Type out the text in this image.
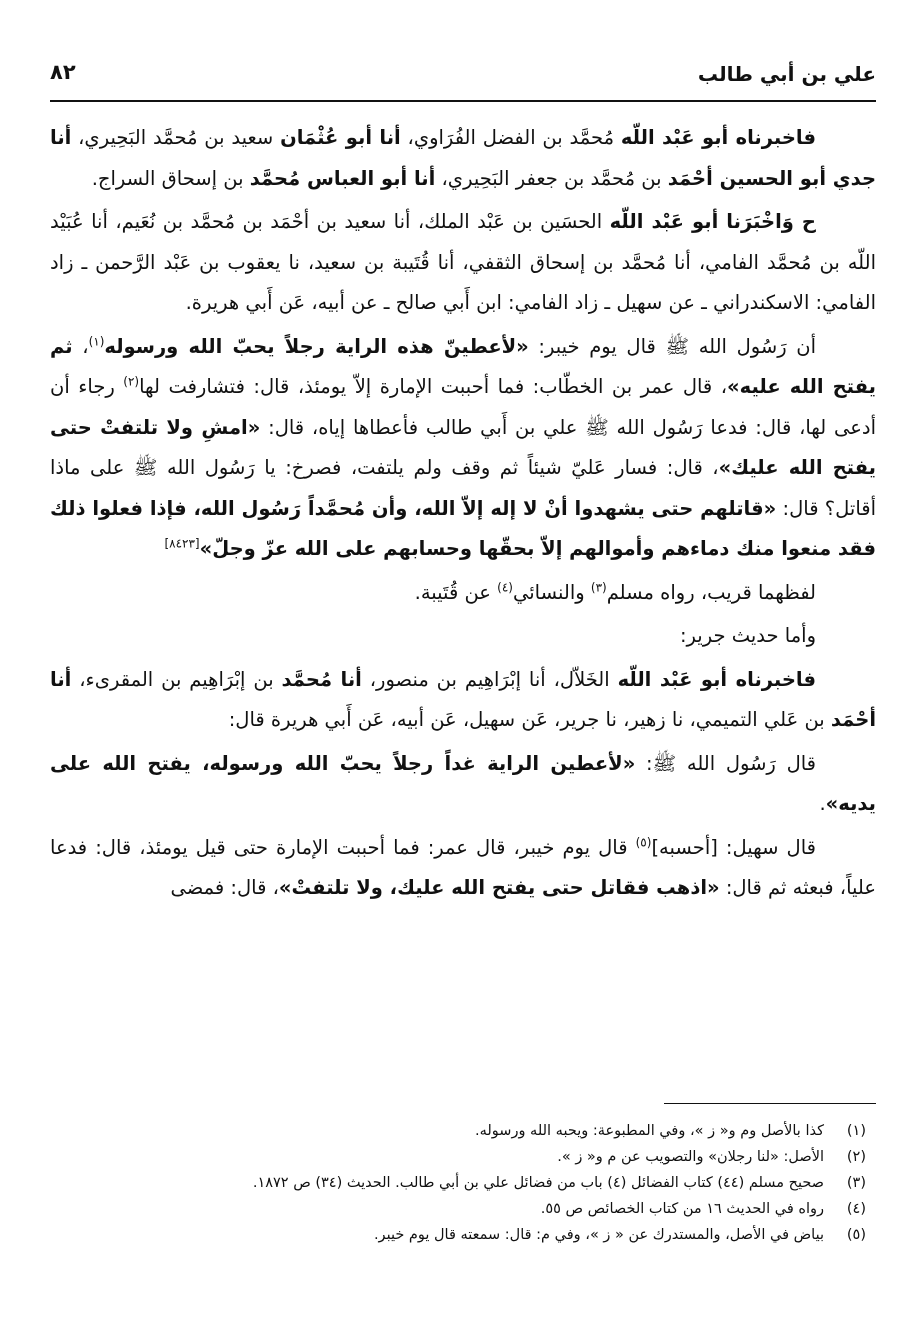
علي بن أبي طالب
٨٢

فاخبرناه أبو عَبْد اللّه مُحمَّد بن الفضل الفُرَاوي، أنا أبو عُثْمَان سعيد بن مُحمَّد البَحِيري، أنا جدي أبو الحسين أحْمَد بن مُحمَّد بن جعفر البَحِيري، أنا أبو العباس مُحمَّد بن إسحاق السراج.

ح وَاخْبَرَنا أبو عَبْد اللّه الحسَين بن عَبْد الملك، أنا سعيد بن أحْمَد بن مُحمَّد بن نُعَيم، أنا عُبَيْد اللّه بن مُحمَّد الفامي، أنا مُحمَّد بن إسحاق الثقفي، أنا قُتَيبة بن سعيد، نا يعقوب بن عَبْد الرَّحمن ـ زاد الفامي: الاسكندراني ـ عن سهيل ـ زاد الفامي: ابن أَبي صالح ـ عن أبيه، عَن أَبي هريرة.

أن رَسُول الله ﷺ قال يوم خيبر: «لأعطينّ هذه الراية رجلاً يحبّ الله ورسوله$^{(١)}$، ثم يفتح الله عليه»، قال عمر بن الخطّاب: فما أحببت الإمارة إلاّ يومئذ، قال: فتشارفت لها$^{(٢)}$ رجاء أن أدعى لها، قال: فدعا رَسُول الله ﷺ علي بن أَبي طالب فأعطاها إياه، قال: «امشِ ولا تلتفتْ حتى يفتح الله عليك»، قال: فسار عَليّ شيئاً ثم وقف ولم يلتفت، فصرخ: يا رَسُول الله ﷺ على ماذا أقاتل؟ قال: «قاتلهم حتى يشهدوا أنْ لا إله إلاّ الله، وأن مُحمَّداً رَسُول الله، فإذا فعلوا ذلك فقد منعوا منك دماءهم وأموالهم إلاّ بحقّها وحسابهم على الله عزّ وجلّ»[٨٤٢٣]

لفظهما قريب، رواه مسلم$^{(٣)}$ والنسائي$^{(٤)}$ عن قُتَيبة.

وأما حديث جرير:

فاخبرناه أبو عَبْد اللّه الخَلاّل، أنا إبْرَاهِيم بن منصور، أنا مُحمَّد بن إبْرَاهِيم بن المقرىء، أنا أحْمَد بن عَلي التميمي، نا زهير، نا جرير، عَن سهيل، عَن أبيه، عَن أَبي هريرة قال:

قال رَسُول الله ﷺ: «لأعطين الراية غداً رجلاً يحبّ الله ورسوله، يفتح الله على يديه».

قال سهيل: [أحسبه]$^{(٥)}$ قال يوم خيبر، قال عمر: فما أحببت الإمارة حتى قيل يومئذ، قال: فدعا علياً، فبعثه ثم قال: «اذهب فقاتل حتى يفتح الله عليك، ولا تلتفتْ»، قال: فمضى

(١)
كذا بالأصل وم و« ز »، وفي المطبوعة: ويحبه الله ورسوله.
(٢)
الأصل: «لنا رجلان» والتصويب عن م و« ز ».
(٣)
صحيح مسلم (٤٤) كتاب الفضائل (٤) باب من فضائل علي بن أبي طالب. الحديث (٣٤) ص ١٨٧٢.
(٤)
رواه في الحديث ١٦ من كتاب الخصائص ص ٥٥.
(٥)
بياض في الأصل، والمستدرك عن « ز »، وفي م: قال: سمعته قال يوم خيبر.
